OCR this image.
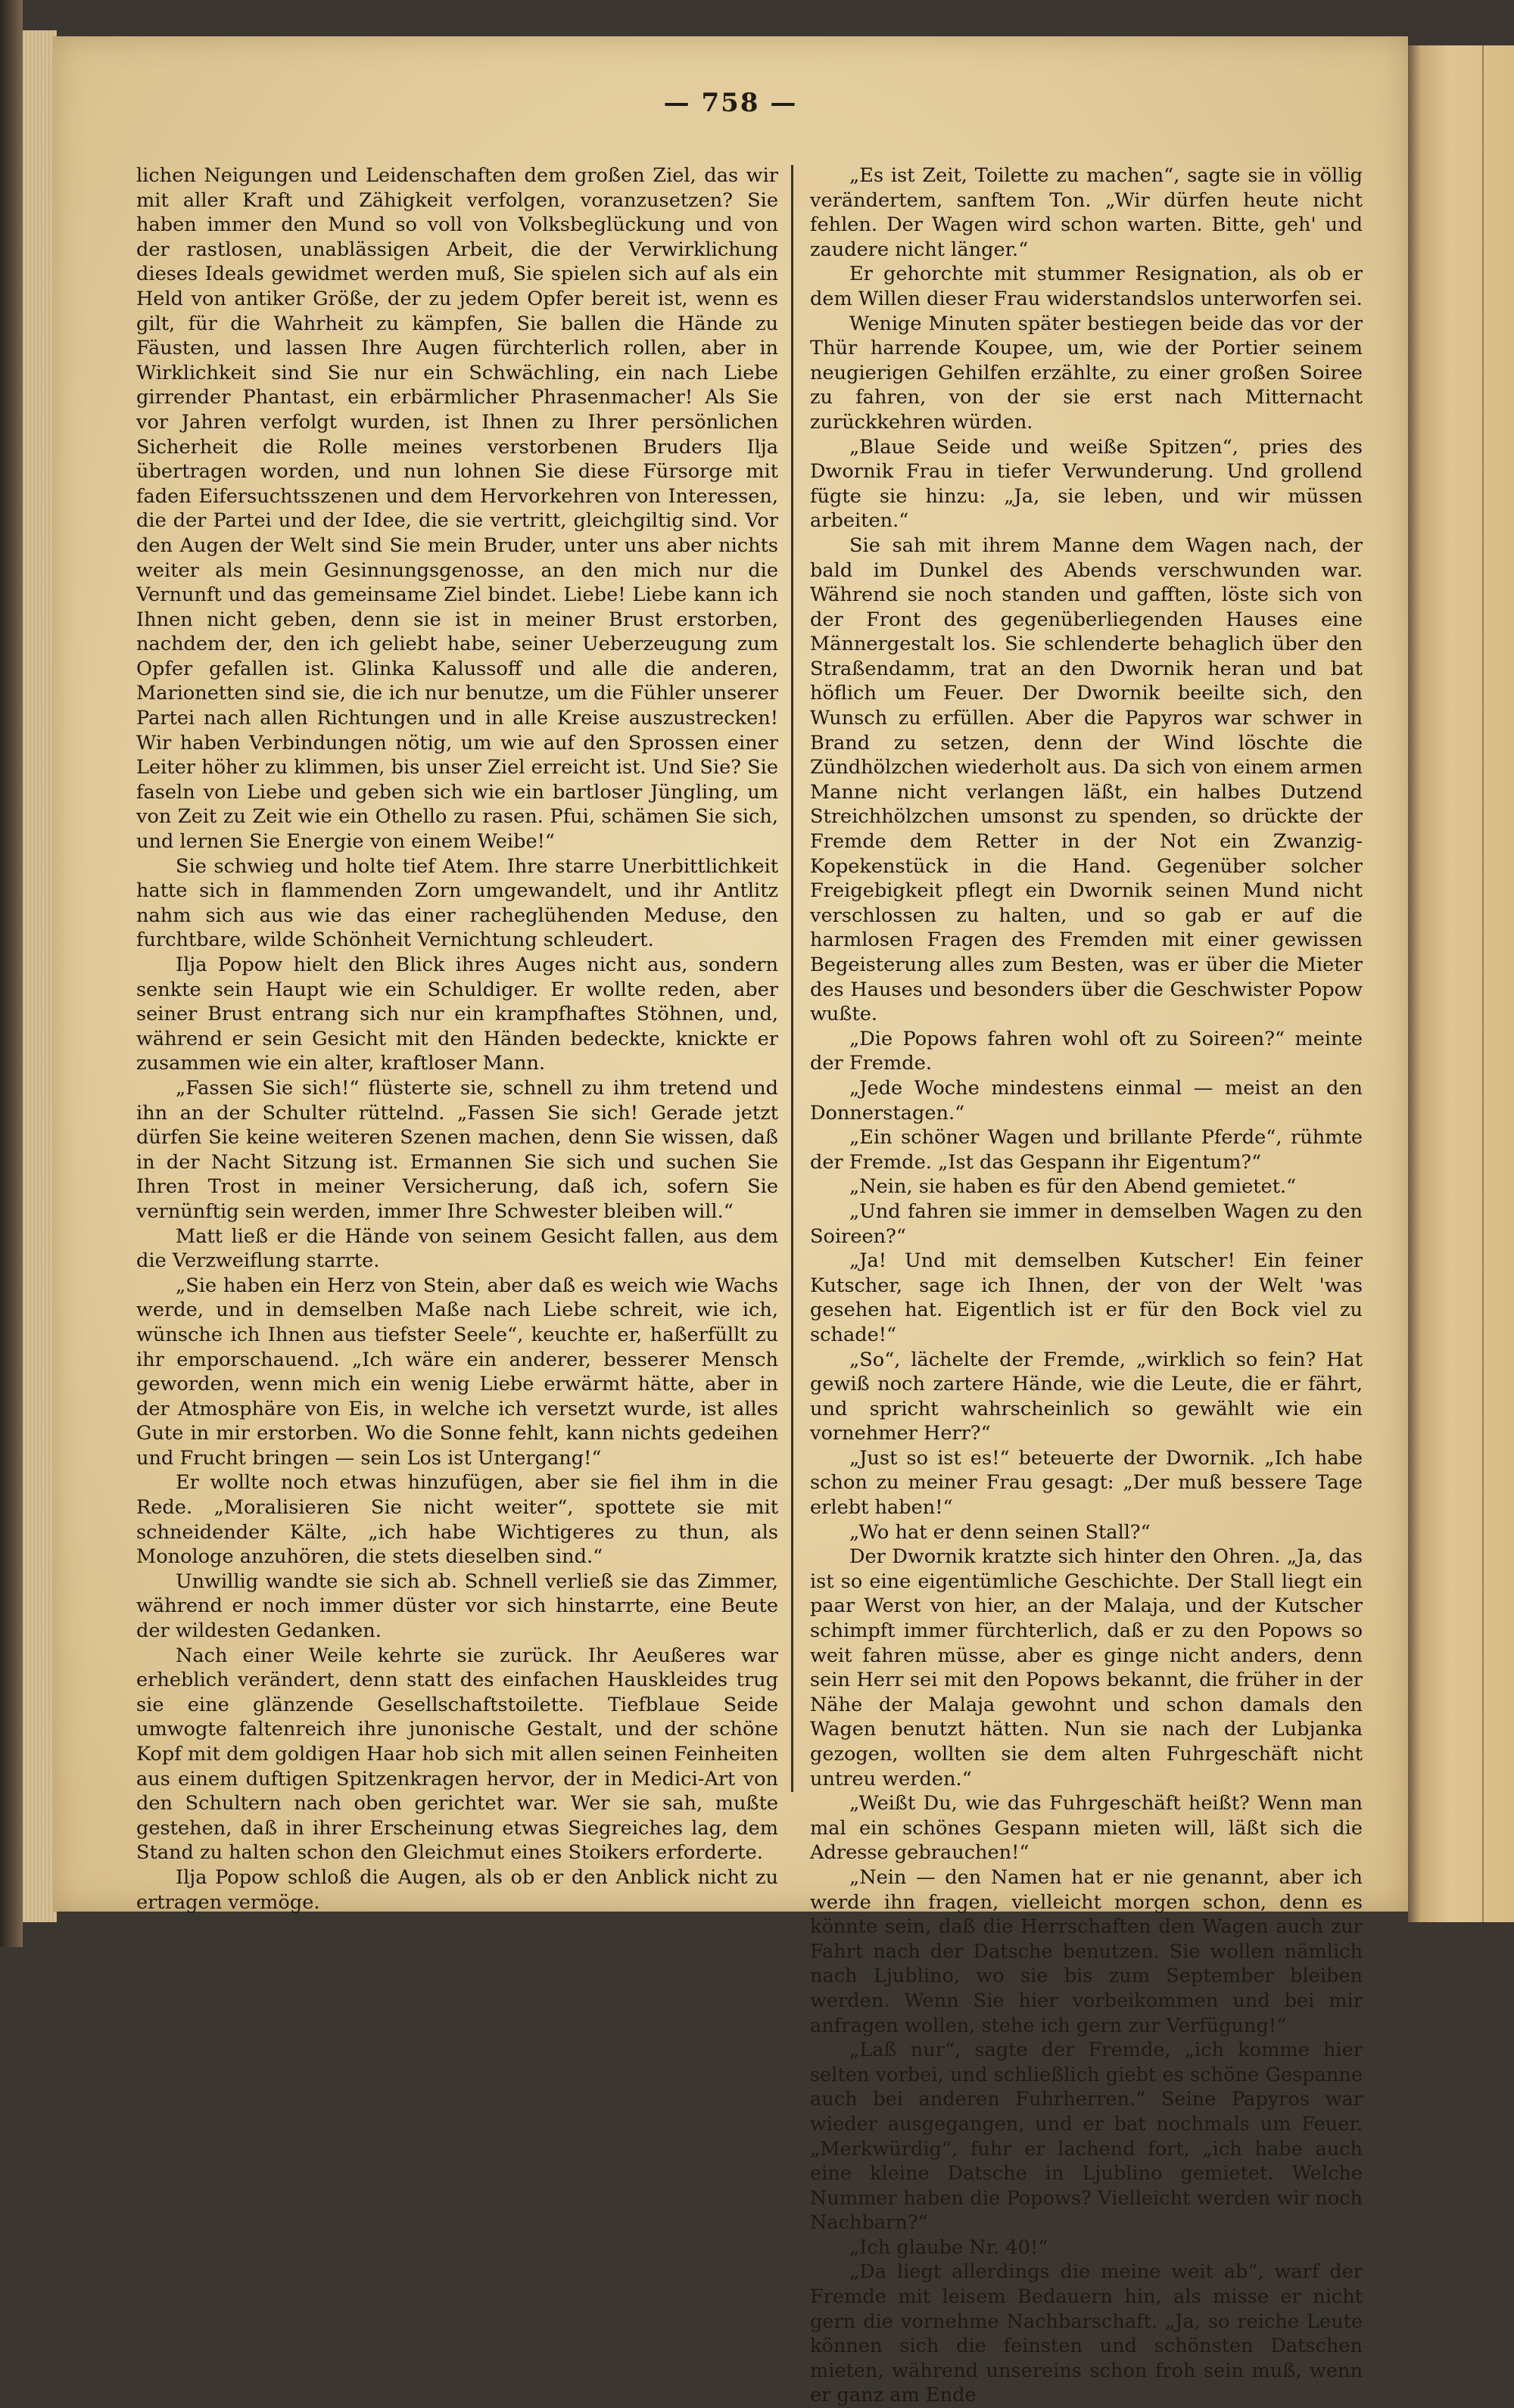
— 758 —

lichen Neigungen und Leidenschaften dem großen Ziel, das wir mit aller Kraft und Zähigkeit verfolgen, voranzusetzen? Sie haben immer den Mund so voll von Volksbeglückung und von der rastlosen, unablässigen Arbeit, die der Verwirklichung dieses Ideals gewidmet werden muß, Sie spielen sich auf als ein Held von antiker Größe, der zu jedem Opfer bereit ist, wenn es gilt, für die Wahrheit zu kämpfen, Sie ballen die Hände zu Fäusten, und lassen Ihre Augen fürchterlich rollen, aber in Wirklichkeit sind Sie nur ein Schwächling, ein nach Liebe girrender Phantast, ein erbärmlicher Phrasenmacher! Als Sie vor Jahren verfolgt wurden, ist Ihnen zu Ihrer persönlichen Sicherheit die Rolle meines verstorbenen Bruders Ilja übertragen worden, und nun lohnen Sie diese Fürsorge mit faden Eifersuchtsszenen und dem Hervorkehren von Interessen, die der Partei und der Idee, die sie vertritt, gleichgiltig sind. Vor den Augen der Welt sind Sie mein Bruder, unter uns aber nichts weiter als mein Gesinnungsgenosse, an den mich nur die Vernunft und das gemeinsame Ziel bindet. Liebe! Liebe kann ich Ihnen nicht geben, denn sie ist in meiner Brust erstorben, nachdem der, den ich geliebt habe, seiner Ueberzeugung zum Opfer gefallen ist. Glinka Kalussoff und alle die anderen, Marionetten sind sie, die ich nur benutze, um die Fühler unserer Partei nach allen Richtungen und in alle Kreise auszustrecken! Wir haben Verbindungen nötig, um wie auf den Sprossen einer Leiter höher zu klimmen, bis unser Ziel erreicht ist. Und Sie? Sie faseln von Liebe und geben sich wie ein bartloser Jüngling, um von Zeit zu Zeit wie ein Othello zu rasen. Pfui, schämen Sie sich, und lernen Sie Energie von einem Weibe!“

Sie schwieg und holte tief Atem. Ihre starre Unerbittlichkeit hatte sich in flammenden Zorn umgewandelt, und ihr Antlitz nahm sich aus wie das einer racheglühenden Meduse, den furchtbare, wilde Schönheit Vernichtung schleudert.

Ilja Popow hielt den Blick ihres Auges nicht aus, sondern senkte sein Haupt wie ein Schuldiger. Er wollte reden, aber seiner Brust entrang sich nur ein krampfhaftes Stöhnen, und, während er sein Gesicht mit den Händen bedeckte, knickte er zusammen wie ein alter, kraftloser Mann.

„Fassen Sie sich!“ flüsterte sie, schnell zu ihm tretend und ihn an der Schulter rüttelnd. „Fassen Sie sich! Gerade jetzt dürfen Sie keine weiteren Szenen machen, denn Sie wissen, daß in der Nacht Sitzung ist. Ermannen Sie sich und suchen Sie Ihren Trost in meiner Versicherung, daß ich, sofern Sie vernünftig sein werden, immer Ihre Schwester bleiben will.“

Matt ließ er die Hände von seinem Gesicht fallen, aus dem die Verzweiflung starrte.

„Sie haben ein Herz von Stein, aber daß es weich wie Wachs werde, und in demselben Maße nach Liebe schreit, wie ich, wünsche ich Ihnen aus tiefster Seele“, keuchte er, haßerfüllt zu ihr emporschauend. „Ich wäre ein anderer, besserer Mensch geworden, wenn mich ein wenig Liebe erwärmt hätte, aber in der Atmosphäre von Eis, in welche ich versetzt wurde, ist alles Gute in mir erstorben. Wo die Sonne fehlt, kann nichts gedeihen und Frucht bringen — sein Los ist Untergang!“

Er wollte noch etwas hinzufügen, aber sie fiel ihm in die Rede. „Moralisieren Sie nicht weiter“, spottete sie mit schneidender Kälte, „ich habe Wichtigeres zu thun, als Monologe anzuhören, die stets dieselben sind.“

Unwillig wandte sie sich ab. Schnell verließ sie das Zimmer, während er noch immer düster vor sich hinstarrte, eine Beute der wildesten Gedanken.

Nach einer Weile kehrte sie zurück. Ihr Aeußeres war erheblich verändert, denn statt des einfachen Hauskleides trug sie eine glänzende Gesellschaftstoilette. Tiefblaue Seide umwogte faltenreich ihre junonische Gestalt, und der schöne Kopf mit dem goldigen Haar hob sich mit allen seinen Feinheiten aus einem duftigen Spitzenkragen hervor, der in Medici-Art von den Schultern nach oben gerichtet war. Wer sie sah, mußte gestehen, daß in ihrer Erscheinung etwas Siegreiches lag, dem Stand zu halten schon den Gleichmut eines Stoikers erforderte.

Ilja Popow schloß die Augen, als ob er den Anblick nicht zu ertragen vermöge.

„Es ist Zeit, Toilette zu machen“, sagte sie in völlig verändertem, sanftem Ton. „Wir dürfen heute nicht fehlen. Der Wagen wird schon warten. Bitte, geh' und zaudere nicht länger.“

Er gehorchte mit stummer Resignation, als ob er dem Willen dieser Frau widerstandslos unterworfen sei.

Wenige Minuten später bestiegen beide das vor der Thür harrende Koupee, um, wie der Portier seinem neugierigen Gehilfen erzählte, zu einer großen Soiree zu fahren, von der sie erst nach Mitternacht zurückkehren würden.

„Blaue Seide und weiße Spitzen“, pries des Dwornik Frau in tiefer Verwunderung. Und grollend fügte sie hinzu: „Ja, sie leben, und wir müssen arbeiten.“

Sie sah mit ihrem Manne dem Wagen nach, der bald im Dunkel des Abends verschwunden war. Während sie noch standen und gafften, löste sich von der Front des gegenüberliegenden Hauses eine Männergestalt los. Sie schlenderte behaglich über den Straßendamm, trat an den Dwornik heran und bat höflich um Feuer. Der Dwornik beeilte sich, den Wunsch zu erfüllen. Aber die Papyros war schwer in Brand zu setzen, denn der Wind löschte die Zündhölzchen wiederholt aus. Da sich von einem armen Manne nicht verlangen läßt, ein halbes Dutzend Streichhölzchen umsonst zu spenden, so drückte der Fremde dem Retter in der Not ein Zwanzig-Kopekenstück in die Hand. Gegenüber solcher Freigebigkeit pflegt ein Dwornik seinen Mund nicht verschlossen zu halten, und so gab er auf die harmlosen Fragen des Fremden mit einer gewissen Begeisterung alles zum Besten, was er über die Mieter des Hauses und besonders über die Geschwister Popow wußte.

„Die Popows fahren wohl oft zu Soireen?“ meinte der Fremde.

„Jede Woche mindestens einmal — meist an den Donnerstagen.“

„Ein schöner Wagen und brillante Pferde“, rühmte der Fremde. „Ist das Gespann ihr Eigentum?“

„Nein, sie haben es für den Abend gemietet.“

„Und fahren sie immer in demselben Wagen zu den Soireen?“

„Ja! Und mit demselben Kutscher! Ein feiner Kutscher, sage ich Ihnen, der von der Welt 'was gesehen hat. Eigentlich ist er für den Bock viel zu schade!“

„So“, lächelte der Fremde, „wirklich so fein? Hat gewiß noch zartere Hände, wie die Leute, die er fährt, und spricht wahrscheinlich so gewählt wie ein vornehmer Herr?“

„Just so ist es!“ beteuerte der Dwornik. „Ich habe schon zu meiner Frau gesagt: „Der muß bessere Tage erlebt haben!“

„Wo hat er denn seinen Stall?“

Der Dwornik kratzte sich hinter den Ohren. „Ja, das ist so eine eigentümliche Geschichte. Der Stall liegt ein paar Werst von hier, an der Malaja, und der Kutscher schimpft immer fürchterlich, daß er zu den Popows so weit fahren müsse, aber es ginge nicht anders, denn sein Herr sei mit den Popows bekannt, die früher in der Nähe der Malaja gewohnt und schon damals den Wagen benutzt hätten. Nun sie nach der Lubjanka gezogen, wollten sie dem alten Fuhrgeschäft nicht untreu werden.“

„Weißt Du, wie das Fuhrgeschäft heißt? Wenn man mal ein schönes Gespann mieten will, läßt sich die Adresse gebrauchen!“

„Nein — den Namen hat er nie genannt, aber ich werde ihn fragen, vielleicht morgen schon, denn es könnte sein, daß die Herrschaften den Wagen auch zur Fahrt nach der Datsche benutzen. Sie wollen nämlich nach Ljublino, wo sie bis zum September bleiben werden. Wenn Sie hier vorbeikommen und bei mir anfragen wollen, stehe ich gern zur Verfügung!“

„Laß nur“, sagte der Fremde, „ich komme hier selten vorbei, und schließlich giebt es schöne Gespanne auch bei anderen Fuhrherren.“ Seine Papyros war wieder ausgegangen, und er bat nochmals um Feuer. „Merkwürdig“, fuhr er lachend fort, „ich habe auch eine kleine Datsche in Ljublino gemietet. Welche Nummer haben die Popows? Vielleicht werden wir noch Nachbarn?“

„Ich glaube Nr. 40!“

„Da liegt allerdings die meine weit ab“, warf der Fremde mit leisem Bedauern hin, als misse er nicht gern die vornehme Nachbarschaft. „Ja, so reiche Leute können sich die feinsten und schönsten Datschen mieten, während unsereins schon froh sein muß, wenn er ganz am Ende
